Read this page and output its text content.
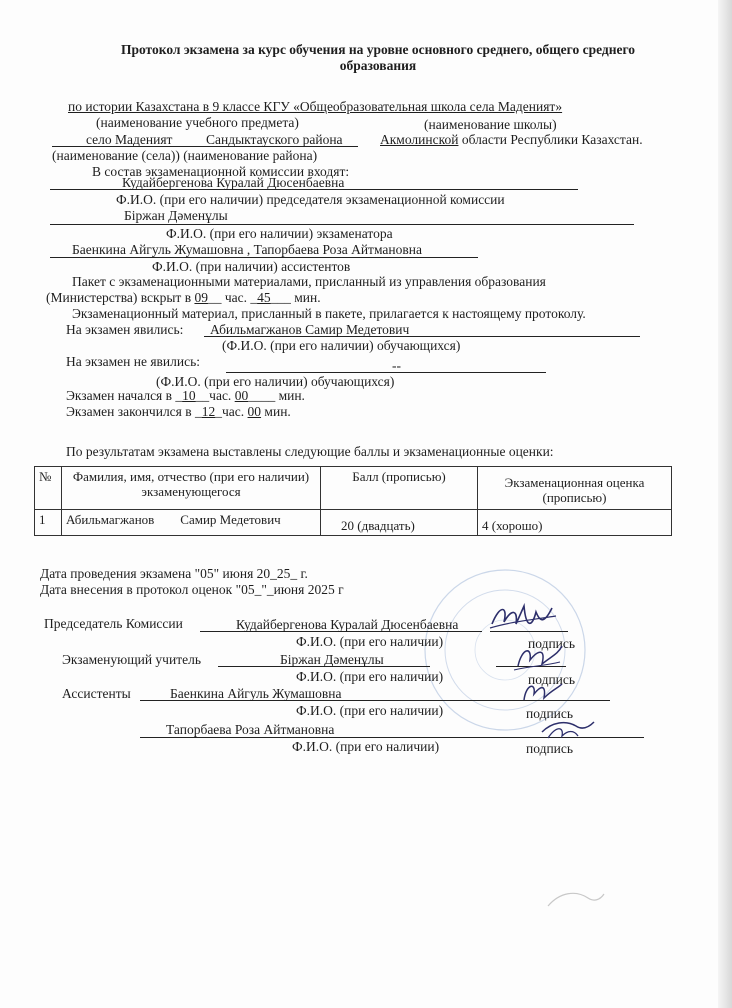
Протокол экзамена за курс обучения на уровне основного среднего, общего среднего
образования
по истории Казахстана в 9 классе КГУ «Общеобразовательная школа села Маденият»
(наименование учебного предмета)	(наименование школы)
село Маденият Сандыктауского района	Акмолинской области Республики Казахстан.
(наименование (села)) (наименование района)
В состав экзаменационной комиссии входят:
Кудайбергенова Куралай Дюсенбаевна
Ф.И.О. (при его наличии) председателя экзаменационной комиссии
Біржан Дәменұлы
Ф.И.О. (при его наличии) экзаменатора
Баенкина Айгуль Жумашовна , Тапорбаева Роза Айтмановна
Ф.И.О. (при наличии) ассистентов
Пакет с экзаменационными материалами, присланный из управления образования
(Министерства) вскрыт в 09__ час. _45___ мин.
Экзаменационный материал, присланный в пакете, прилагается к настоящему протоколу.
На экзамен явились: Абильмагжанов Самир Медетович
(Ф.И.О. (при его наличии) обучающихся)
На экзамен не явились:	--
(Ф.И.О. (при его наличии) обучающихся)
Экзамен начался в _10__час. 00____ мин.
Экзамен закончился в _12_час. 00 мин.
По результатам экзамена выставлены следующие баллы и экзаменационные оценки:
№	Фамилия, имя, отчество (при его наличии) экзаменующегося	Балл (прописью)	Экзаменационная оценка (прописью)
1	Абильмагжанов        Самир Медетович	20 (двадцать)	4 (хорошо)
Дата проведения экзамена "05" июня 20_25_ г.
Дата внесения в протокол оценок "05_"_июня 2025 г
Председатель Комиссии	Кудайбергенова Куралай Дюсенбаевна
Ф.И.О. (при его наличии)	подпись
Экзаменующий учитель	Біржан Дәменұлы
Ф.И.О. (при его наличии)	подпись
Ассистенты	Баенкина Айгуль Жумашовна
Ф.И.О. (при его наличии)	подпись
Тапорбаева Роза Айтмановна
Ф.И.О. (при его наличии)	подпись
